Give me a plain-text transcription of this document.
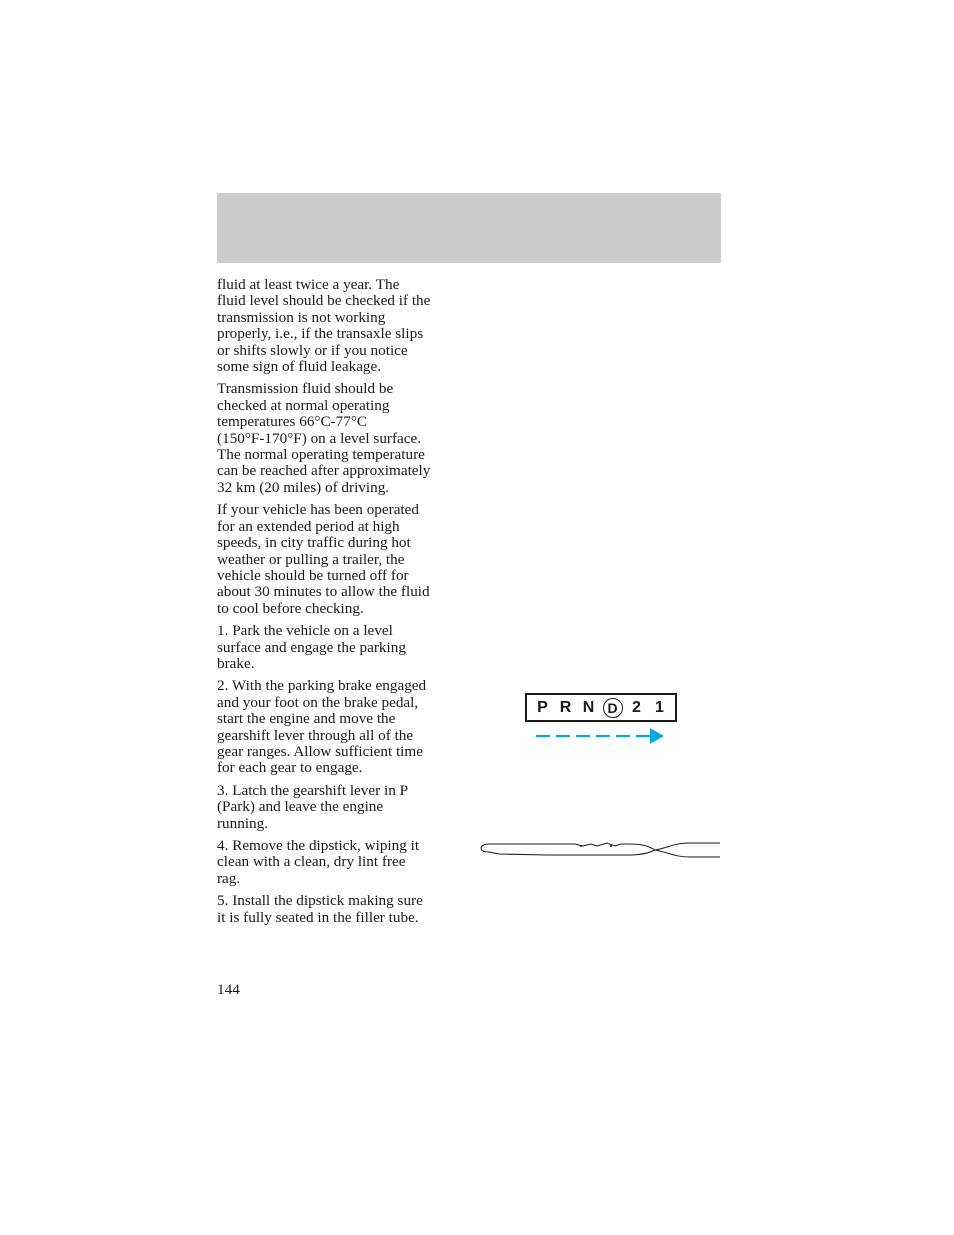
fluid at least twice a year. The
fluid level should be checked if the
transmission is not working
properly, i.e., if the transaxle slips
or shifts slowly or if you notice
some sign of fluid leakage.

Transmission fluid should be
checked at normal operating
temperatures 66°C-77°C
(150°F-170°F) on a level surface.
The normal operating temperature
can be reached after approximately
32 km (20 miles) of driving.

If your vehicle has been operated
for an extended period at high
speeds, in city traffic during hot
weather or pulling a trailer, the
vehicle should be turned off for
about 30 minutes to allow the fluid
to cool before checking.

1. Park the vehicle on a level
surface and engage the parking
brake.

2. With the parking brake engaged
and your foot on the brake pedal,
start the engine and move the
gearshift lever through all of the
gear ranges. Allow sufficient time
for each gear to engage.

3. Latch the gearshift lever in P
(Park) and leave the engine
running.

4. Remove the dipstick, wiping it
clean with a clean, dry lint free
rag.

5. Install the dipstick making sure
it is fully seated in the filler tube.

P R N D 2 1
144
